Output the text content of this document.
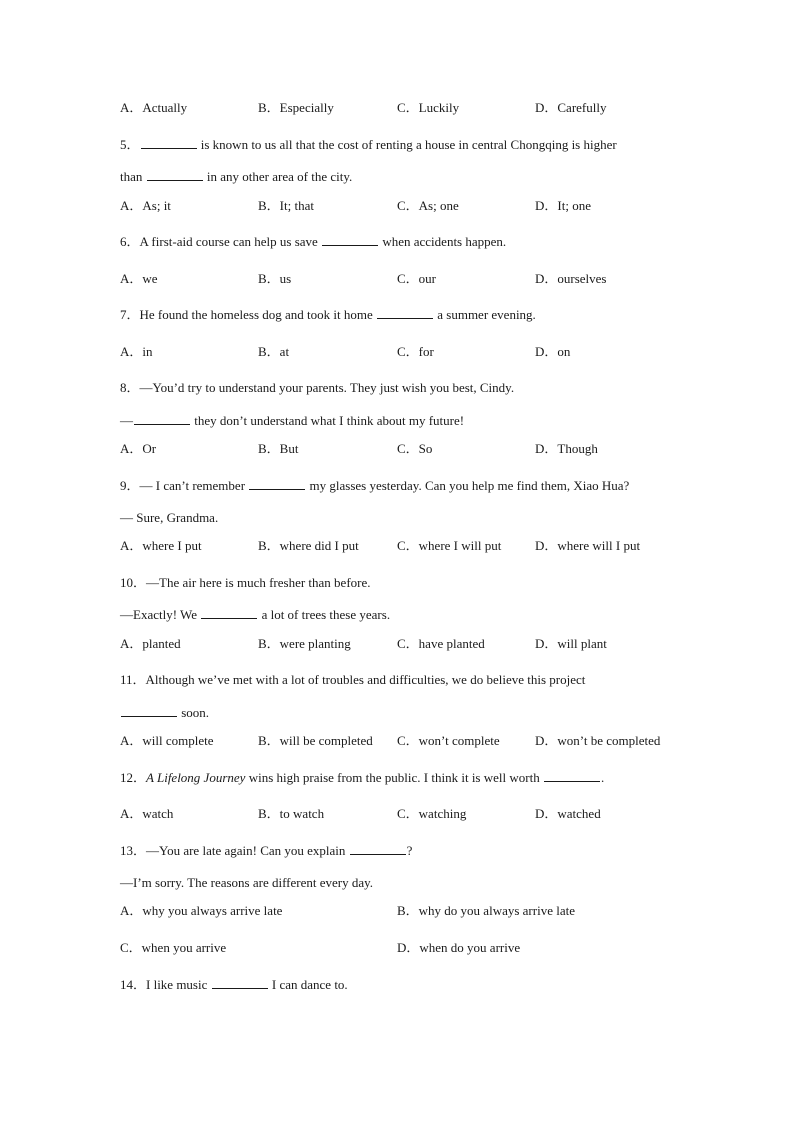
A．Actually	B．Especially	C．Luckily	D．Carefully
5．	is known to us all that the cost of renting a house in central Chongqing is higher
than	in any other area of the city.
A．As; it	B．It; that	C．As; one	D．It; one
6．A first-aid course can help us save	when accidents happen.
A．we	B．us	C．our	D．ourselves
7．He found the homeless dog and took it home	a summer evening.
A．in	B．at	C．for	D．on
8．—You’d try to understand your parents. They just wish you best, Cindy.
—	they don’t understand what I think about my future!
A．Or	B．But	C．So	D．Though
9．— I can’t remember	my glasses yesterday. Can you help me find them, Xiao Hua?
— Sure, Grandma.
A．where I put	B．where did I put	C．where I will put	D．where will I put
10．—The air here is much fresher than before.
—Exactly! We	a lot of trees these years.
A．planted	B．were planting	C．have planted	D．will plant
11．Although we’ve met with a lot of troubles and difficulties, we do believe this project
soon.
A．will complete	B．will be completed C．won’t complete	D．won’t be completed
12．A Lifelong Journey wins high praise from the public. I think it is well worth	.
A．watch	B．to watch	C．watching	D．watched
13．—You are late again! Can you explain	?
—I’m sorry. The reasons are different every day.
A．why you always arrive late	B．why do you always arrive late
C．when you arrive	D．when do you arrive
14．I like music	I can dance to.
